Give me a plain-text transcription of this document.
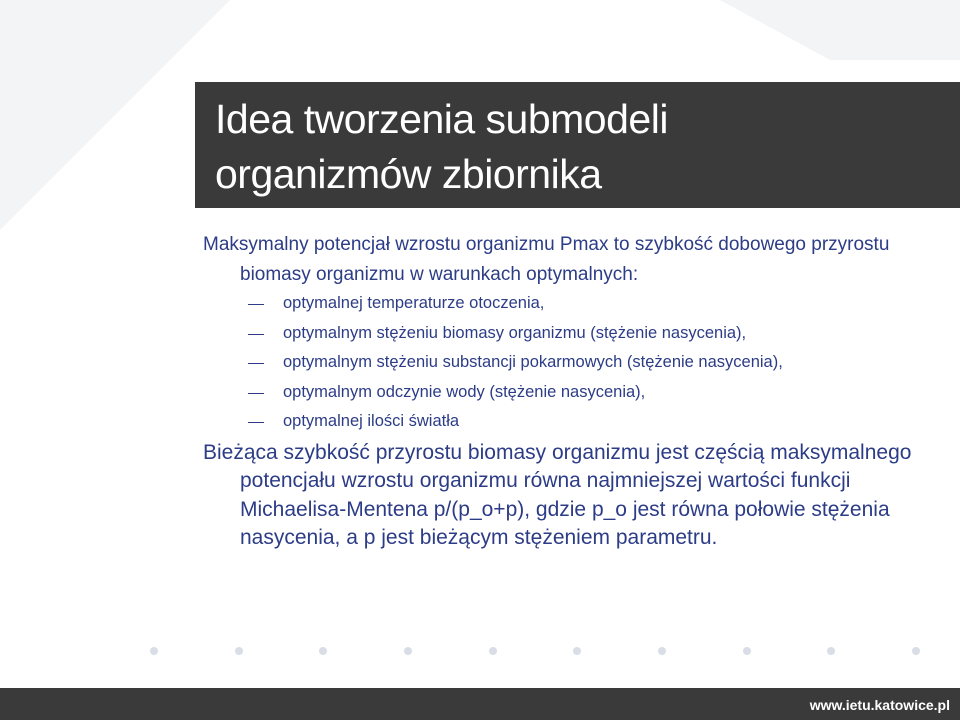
Idea tworzenia submodeli
organizmów zbiornika

Maksymalny potencjał wzrostu organizmu Pmax to szybkość dobowego przyrostu biomasy organizmu w warunkach optymalnych:

optymalnej temperaturze otoczenia,
optymalnym stężeniu biomasy organizmu (stężenie nasycenia),
optymalnym stężeniu substancji pokarmowych (stężenie nasycenia),
optymalnym odczynie wody (stężenie nasycenia),
optymalnej ilości światła

Bieżąca szybkość przyrostu biomasy organizmu jest częścią maksymalnego potencjału wzrostu organizmu równa najmniejszej wartości funkcji Michaelisa-Mentena p/(p_o+p), gdzie p_o jest równa połowie stężenia nasycenia, a p jest bieżącym stężeniem parametru.

www.ietu.katowice.pl
